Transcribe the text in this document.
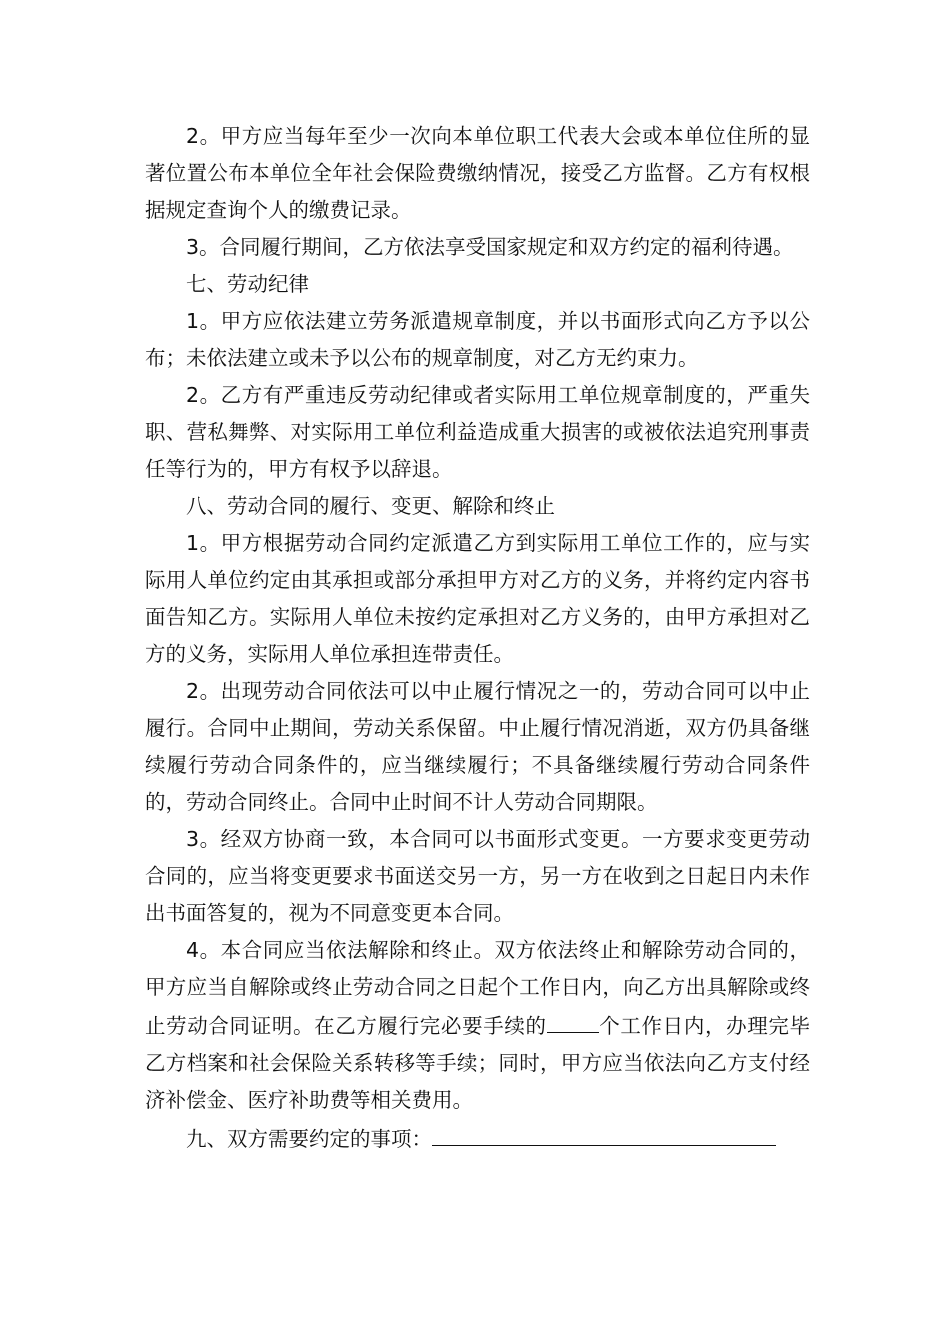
2。甲方应当每年至少一次向本单位职工代表大会或本单位住所的显著位置公布本单位全年社会保险费缴纳情况，接受乙方监督。乙方有权根据规定查询个人的缴费记录。

3。合同履行期间，乙方依法享受国家规定和双方约定的福利待遇。

七、劳动纪律

1。甲方应依法建立劳务派遣规章制度，并以书面形式向乙方予以公布；未依法建立或未予以公布的规章制度，对乙方无约束力。

2。乙方有严重违反劳动纪律或者实际用工单位规章制度的，严重失职、营私舞弊、对实际用工单位利益造成重大损害的或被依法追究刑事责任等行为的，甲方有权予以辞退。

八、劳动合同的履行、变更、解除和终止

1。甲方根据劳动合同约定派遣乙方到实际用工单位工作的，应与实际用人单位约定由其承担或部分承担甲方对乙方的义务，并将约定内容书面告知乙方。实际用人单位未按约定承担对乙方义务的，由甲方承担对乙方的义务，实际用人单位承担连带责任。

2。出现劳动合同依法可以中止履行情况之一的，劳动合同可以中止履行。合同中止期间，劳动关系保留。中止履行情况消逝，双方仍具备继续履行劳动合同条件的，应当继续履行；不具备继续履行劳动合同条件的，劳动合同终止。合同中止时间不计人劳动合同期限。

3。经双方协商一致，本合同可以书面形式变更。一方要求变更劳动合同的，应当将变更要求书面送交另一方，另一方在收到之日起日内未作出书面答复的，视为不同意变更本合同。

4。本合同应当依法解除和终止。双方依法终止和解除劳动合同的，甲方应当自解除或终止劳动合同之日起个工作日内，向乙方出具解除或终止劳动合同证明。在乙方履行完必要手续的	个工作日内，办理完毕乙方档案和社会保险关系转移等手续；同时，甲方应当依法向乙方支付经济补偿金、医疗补助费等相关费用。

九、双方需要约定的事项：
